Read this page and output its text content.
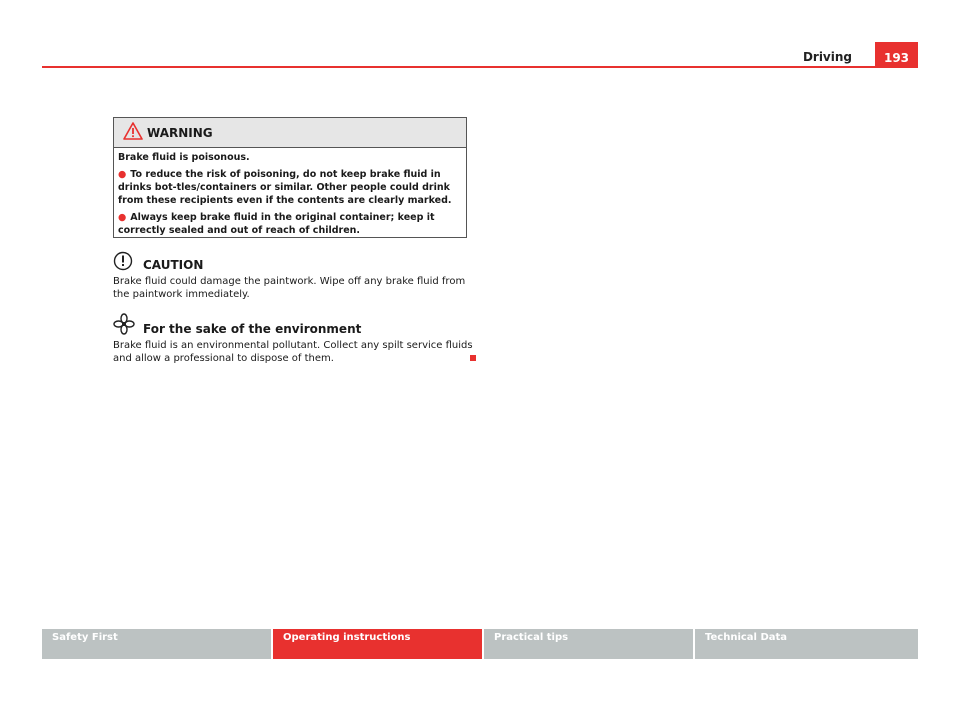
Driving	193
WARNING

Brake fluid is poisonous.

● To reduce the risk of poisoning, do not keep brake fluid in drinks bot-tles/containers or similar. Other people could drink from these recipients even if the contents are clearly marked.

● Always keep brake fluid in the original container; keep it correctly sealed and out of reach of children.

CAUTION
Brake fluid could damage the paintwork. Wipe off any brake fluid from the paintwork immediately.
For the sake of the environment
Brake fluid is an environmental pollutant. Collect any spilt service fluids and allow a professional to dispose of them.
Safety First	Operating instructions	Practical tips	Technical Data
